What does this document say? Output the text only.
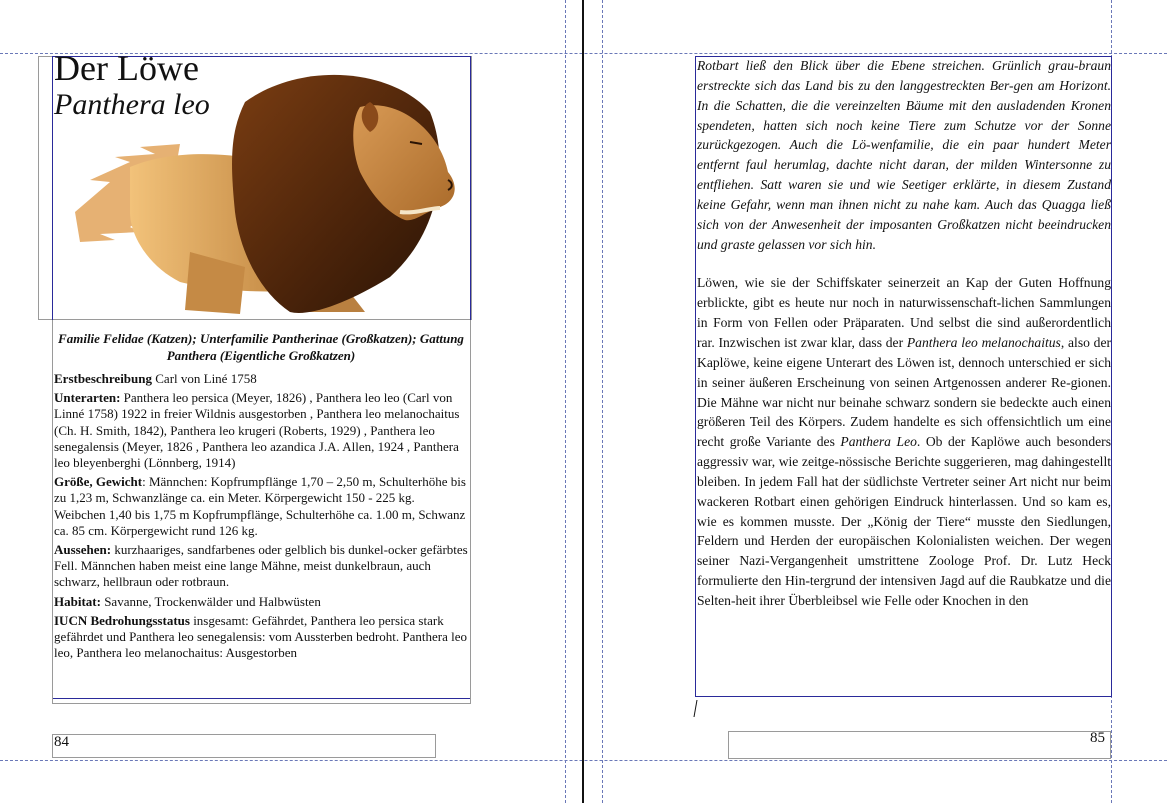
Der Löwe
Panthera leo
Familie Felidae (Katzen); Unterfamilie Pantherinae (Großkatzen); Gattung Panthera (Eigentliche Großkatzen)

Erstbeschreibung Carl von Liné 1758

Unterarten: Panthera leo persica (Meyer, 1826) , Panthera leo leo (Carl von Linné 1758) 1922 in freier Wildnis ausgestorben , Panthera leo melanochaitus (Ch. H. Smith, 1842), Panthera leo krugeri (Roberts, 1929) , Panthera leo senegalensis (Meyer, 1826 , Panthera leo azandica J.A. Allen, 1924 , Panthera leo bleyenberghi (Lönnberg, 1914)

Größe, Gewicht: Männchen: Kopfrumpflänge 1,70 – 2,50 m, Schulterhöhe bis zu 1,23 m, Schwanzlänge ca. ein Meter. Körpergewicht 150 - 225 kg. Weibchen 1,40 bis 1,75 m Kopfrumpflänge, Schulterhöhe ca. 1.00 m, Schwanz ca. 85 cm. Körpergewicht rund 126 kg.

Aussehen: kurzhaariges, sandfarbenes oder gelblich bis dunkel-ocker gefärbtes Fell. Männchen haben meist eine lange Mähne, meist dunkelbraun, auch schwarz, hellbraun oder rotbraun.

Habitat: Savanne, Trockenwälder und Halbwüsten

IUCN Bedrohungsstatus insgesamt: Gefährdet, Panthera leo persica stark gefährdet und Panthera leo senegalensis: vom Aussterben bedroht. Panthera leo leo, Panthera leo melanochaitus: Ausgestorben

84

Rotbart ließ den Blick über die Ebene streichen. Grünlich grau-braun erstreckte sich das Land bis zu den langgestreckten Ber-gen am Horizont. In die Schatten, die die vereinzelten Bäume mit den ausladenden Kronen spendeten, hatten sich noch keine Tiere zum Schutze vor der Sonne zurückgezogen. Auch die Lö-wenfamilie, die ein paar hundert Meter entfernt faul herumlag, dachte nicht daran, der milden Wintersonne zu entfliehen. Satt waren sie und wie Seetiger erklärte, in diesem Zustand keine Gefahr, wenn man ihnen nicht zu nahe kam. Auch das Quagga ließ sich von der Anwesenheit der imposanten Großkatzen nicht beeindrucken und graste gelassen vor sich hin.

Löwen, wie sie der Schiffskater seinerzeit an Kap der Guten Hoffnung erblickte, gibt es heute nur noch in naturwissenschaft-lichen Sammlungen in Form von Fellen oder Präparaten. Und selbst die sind außerordentlich rar. Inzwischen ist zwar klar, dass der Panthera leo melanochaitus, also der Kaplöwe, keine eigene Unterart des Löwen ist, dennoch unterschied er sich in seiner äußeren Erscheinung von seinen Artgenossen anderer Re-gionen. Die Mähne war nicht nur beinahe schwarz sondern sie bedeckte auch einen größeren Teil des Körpers. Zudem handelte es sich offensichtlich um eine recht große Variante des Panthera Leo. Ob der Kaplöwe auch besonders aggressiv war, wie zeitge-nössische Berichte suggerieren, mag dahingestellt bleiben. In jedem Fall hat der südlichste Vertreter seiner Art nicht nur beim wackeren Rotbart einen gehörigen Eindruck hinterlassen. Und so kam es, wie es kommen musste. Der „König der Tiere“ musste den Siedlungen, Feldern und Herden der europäischen Kolonialisten weichen. Der wegen seiner Nazi-Vergangenheit umstrittene Zoologe Prof. Dr. Lutz Heck formulierte den Hin-tergrund der intensiven Jagd auf die Raubkatze und die Selten-heit ihrer Überbleibsel wie Felle oder Knochen in den

85
